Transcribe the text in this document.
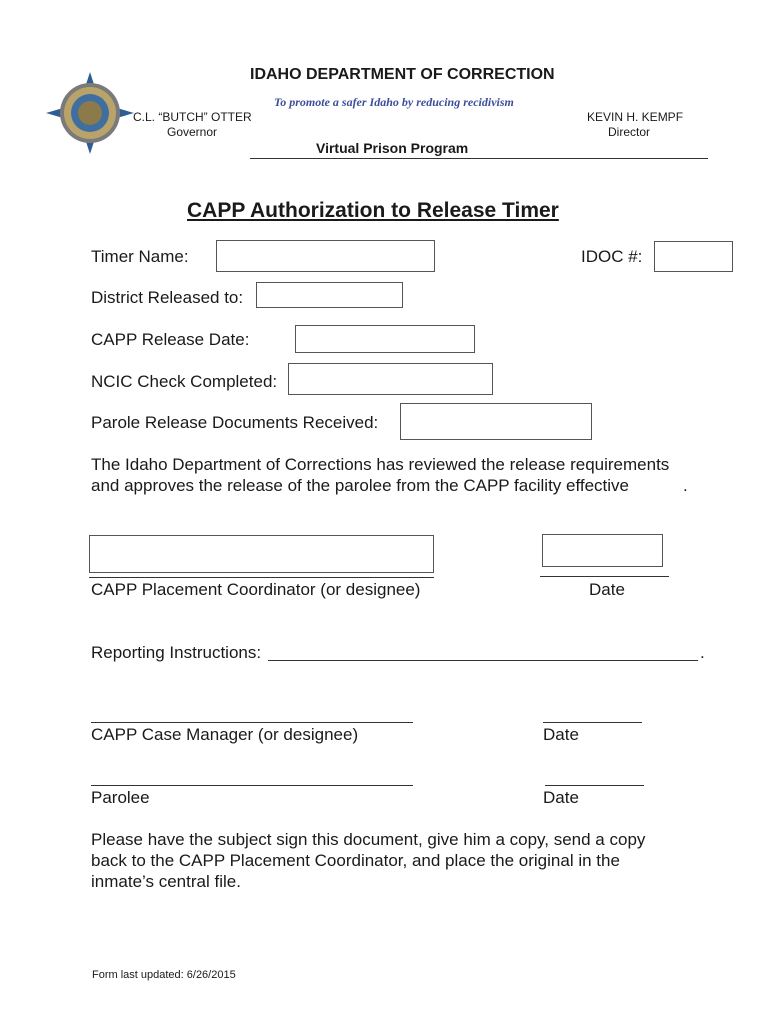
IDAHO DEPARTMENT OF CORRECTION
To promote a safer Idaho by reducing recidivism
C.L. “BUTCH” OTTER
Governor
KEVIN H. KEMPF
Director
Virtual Prison Program
CAPP Authorization to Release Timer
Timer Name:	IDOC #:
District Released to:
CAPP Release Date:
NCIC Check Completed:
Parole Release Documents Received:
The Idaho Department of Corrections has reviewed the release requirements
and approves the release of the parolee from the CAPP facility effective	.
CAPP Placement Coordinator (or designee)	Date
Reporting Instructions:	.
CAPP Case Manager (or designee)	Date
Parolee	Date
Please have the subject sign this document, give him a copy, send a copy
back to the CAPP Placement Coordinator, and place the original in the
inmate’s central file.
Form last updated: 6/26/2015
